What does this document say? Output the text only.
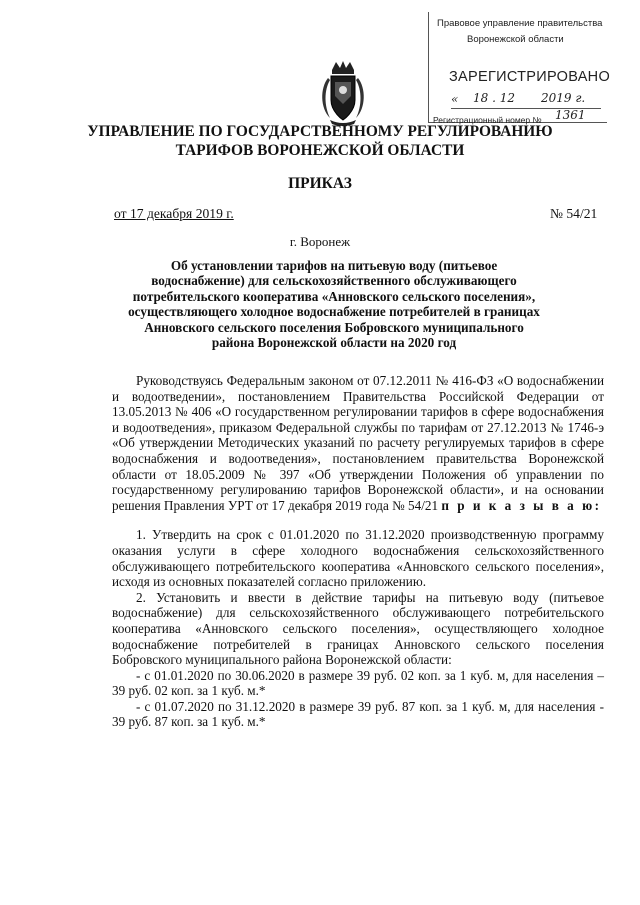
Правовое управление правительства
Воронежской области
ЗАРЕГИСТРИРОВАНО
« 18 . 12 2019 г.
Регистрационный номер № 1361
УПРАВЛЕНИЕ ПО ГОСУДАРСТВЕННОМУ РЕГУЛИРОВАНИЮ
ТАРИФОВ ВОРОНЕЖСКОЙ ОБЛАСТИ
ПРИКАЗ
от 17 декабря 2019 г.	№ 54/21
г. Воронеж
Об установлении тарифов на питьевую воду (питьевое водоснабжение) для сельскохозяйственного обслуживающего потребительского кооператива «Анновского сельского поселения», осуществляющего холодное водоснабжение потребителей в границах Анновского сельского поселения Бобровского муниципального района Воронежской области на 2020 год

Руководствуясь Федеральным законом от 07.12.2011 № 416-ФЗ «О водоснабжении и водоотведении», постановлением Правительства Российской Федерации от 13.05.2013 № 406 «О государственном регулировании тарифов в сфере водоснабжения и водоотведения», приказом Федеральной службы по тарифам от 27.12.2013 № 1746-э «Об утверждении Методических указаний по расчету регулируемых тарифов в сфере водоснабжения и водоотведения», постановлением правительства Воронежской области от 18.05.2009 № 397 «Об утверждении Положения об управлении по государственному регулированию тарифов Воронежской области», и на основании решения Правления УРТ от 17 декабря 2019 года № 54/21 п р и к а з ы в а ю:

1. Утвердить на срок с 01.01.2020 по 31.12.2020 производственную программу оказания услуги в сфере холодного водоснабжения сельскохозяйственного обслуживающего потребительского кооператива «Анновского сельского поселения», исходя из основных показателей согласно приложению.

2. Установить и ввести в действие тарифы на питьевую воду (питьевое водоснабжение) для сельскохозяйственного обслуживающего потребительского кооператива «Анновского сельского поселения», осуществляющего холодное водоснабжение потребителей в границах Анновского сельского поселения Бобровского муниципального района Воронежской области:

- с 01.01.2020 по 30.06.2020 в размере 39 руб. 02 коп. за 1 куб. м, для населения – 39 руб. 02 коп. за 1 куб. м.*

- с 01.07.2020 по 31.12.2020 в размере 39 руб. 87 коп. за 1 куб. м, для населения - 39 руб. 87 коп. за 1 куб. м.*
